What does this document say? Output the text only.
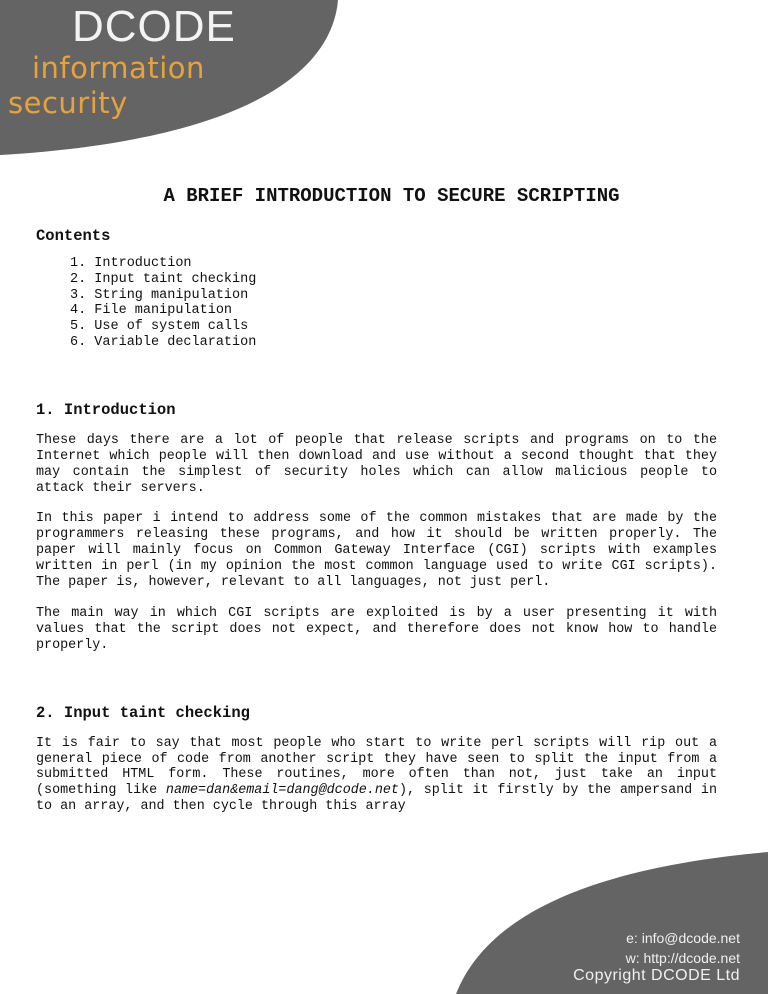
DCODE
information
security
A BRIEF INTRODUCTION TO SECURE SCRIPTING
Contents
1. Introduction
2. Input taint checking
3. String manipulation
4. File manipulation
5. Use of system calls
6. Variable declaration
1. Introduction

These days there are a lot of people that release scripts and programs on to the Internet which people will then download and use without a second thought that they may contain the simplest of security holes which can allow malicious people to attack their servers.

In this paper i intend to address some of the common mistakes that are made by the programmers releasing these programs, and how it should be written properly. The paper will mainly focus on Common Gateway Interface (CGI) scripts with examples written in perl (in my opinion the most common language used to write CGI scripts). The paper is, however, relevant to all languages, not just perl.

The main way in which CGI scripts are exploited is by a user presenting it with values that the script does not expect, and therefore does not know how to handle properly.

2. Input taint checking

It is fair to say that most people who start to write perl scripts will rip out a general piece of code from another script they have seen to split the input from a submitted HTML form. These routines, more often than not, just take an input (something like name=dan&email=dang@dcode.net), split it firstly by the ampersand in to an array, and then cycle through this array

e: info@dcode.net
w: http://dcode.net
Copyright DCODE Ltd
